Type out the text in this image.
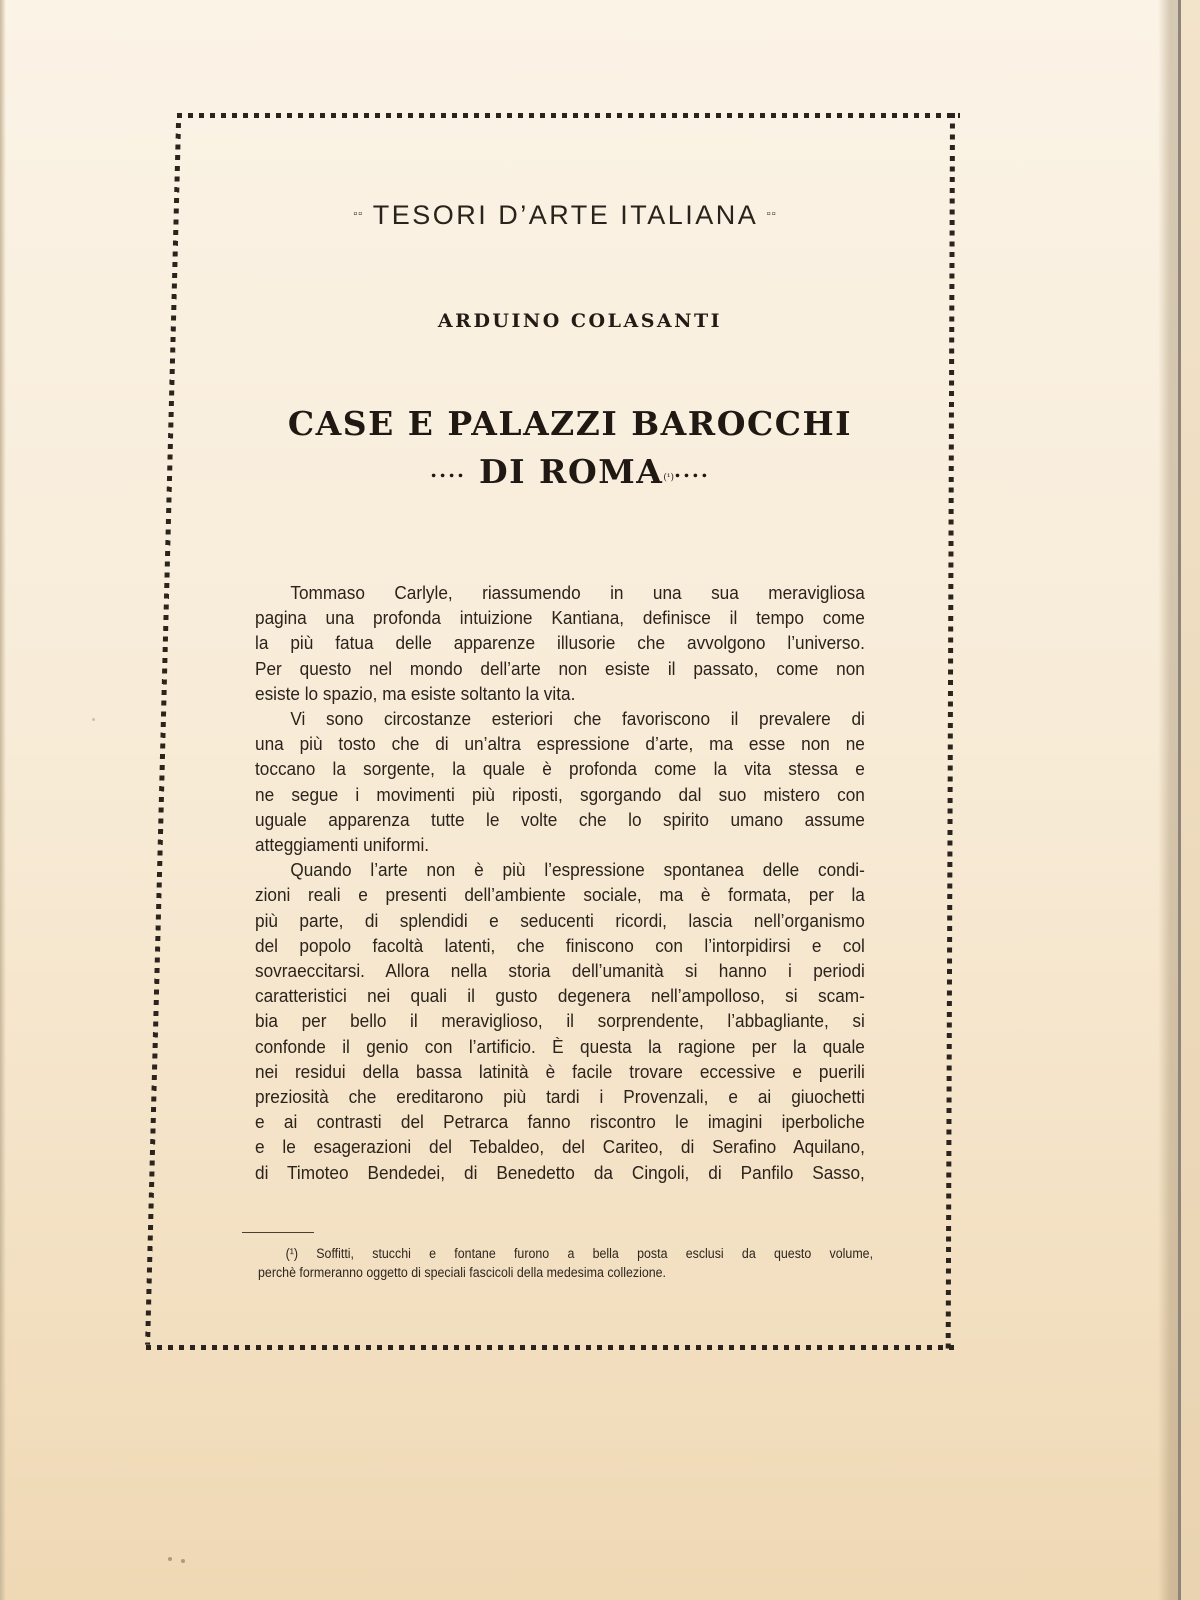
▫▫ TESORI D’ARTE ITALIANA ▫▫
ARDUINO COLASANTI
CASE E PALAZZI BAROCCHI
.... DI $ROMA^{(^1)}$....

Tommaso Carlyle, riassumendo in una sua meravigliosa
pagina una profonda intuizione Kantiana, definisce il tempo come
la più fatua delle apparenze illusorie che avvolgono l’universo.
Per questo nel mondo dell’arte non esiste il passato, come non
esiste lo spazio, ma esiste soltanto la vita.

Vi sono circostanze esteriori che favoriscono il prevalere di
una più tosto che di un’altra espressione d’arte, ma esse non ne
toccano la sorgente, la quale è profonda come la vita stessa e
ne segue i movimenti più riposti, sgorgando dal suo mistero con
uguale apparenza tutte le volte che lo spirito umano assume
atteggiamenti uniformi.

Quando l’arte non è più l’espressione spontanea delle condi-
zioni reali e presenti dell’ambiente sociale, ma è formata, per la
più parte, di splendidi e seducenti ricordi, lascia nell’organismo
del popolo facoltà latenti, che finiscono con l’intorpidirsi e col
sovraeccitarsi. Allora nella storia dell’umanità si hanno i periodi
caratteristici nei quali il gusto degenera nell’ampolloso, si scam-
bia per bello il meraviglioso, il sorprendente, l’abbagliante, si
confonde il genio con l’artificio. È questa la ragione per la quale
nei residui della bassa latinità è facile trovare eccessive e puerili
preziosità che ereditarono più tardi i Provenzali, e ai giuochetti
e ai contrasti del Petrarca fanno riscontro le imagini iperboliche
e le esagerazioni del Tebaldeo, del Cariteo, di Serafino Aquilano,
di Timoteo Bendedei, di Benedetto da Cingoli, di Panfilo Sasso,

(¹) Soffitti, stucchi e fontane furono a bella posta esclusi da questo volume,
perchè formeranno oggetto di speciali fascicoli della medesima collezione.
